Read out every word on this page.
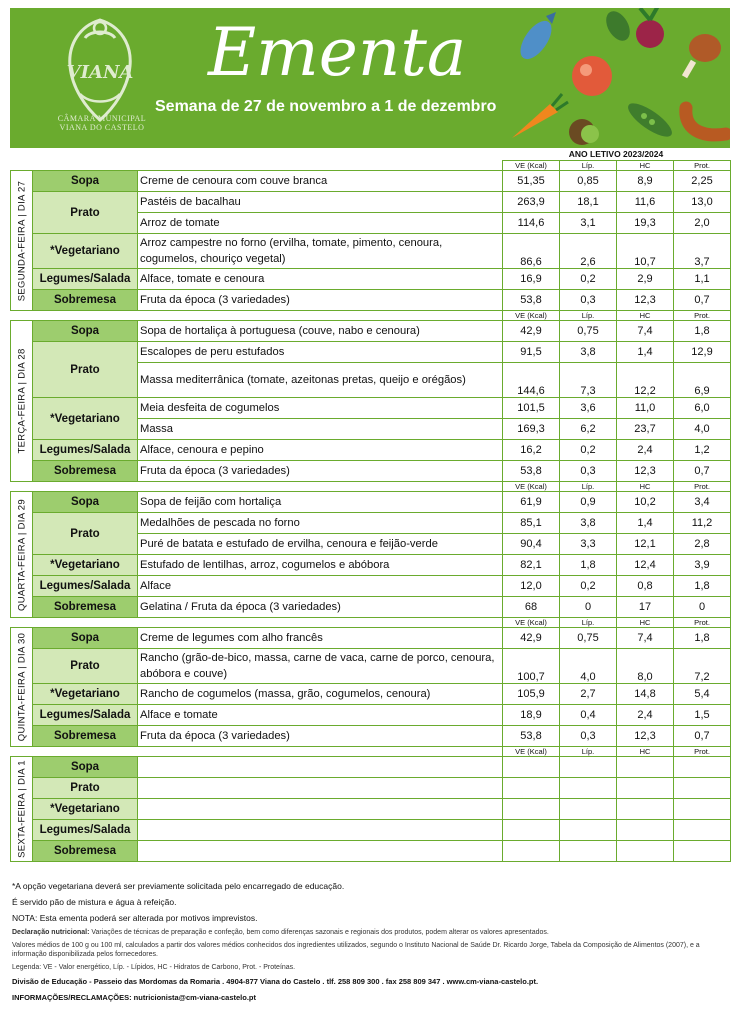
VIANA
CÂMARA MUNICIPAL
VIANA DO CASTELO
Ementa
Semana de 27 de novembro a 1 de dezembro
ANO LETIVO 2023/2024
			VE (Kcal)	Líp.	HC	Prot.

SEGUNDA-FEIRA | DIA 27	Sopa	Creme de cenoura com couve branca	51,35	0,85	8,9	2,25
	Prato	Pastéis de bacalhau	263,9	18,1	11,6	13,0
		Arroz de tomate	114,6	3,1	19,3	2,0
	*Vegetariano	Arroz campestre no forno (ervilha, tomate, pimento, cenoura, cogumelos, chouriço vegetal)	86,6	2,6	10,7	3,7
	Legumes/Salada	Alface, tomate e cenoura	16,9	0,2	2,9	1,1
	Sobremesa	Fruta da época (3 variedades)	53,8	0,3	12,3	0,7
			VE (Kcal)	Líp.	HC	Prot.

TERÇA-FEIRA | DIA 28	Sopa	Sopa de hortaliça à portuguesa (couve, nabo e cenoura)	42,9	0,75	7,4	1,8
	Prato	Escalopes de peru estufados	91,5	3,8	1,4	12,9
		Massa mediterrânica (tomate, azeitonas pretas, queijo e orégãos)	144,6	7,3	12,2	6,9
	*Vegetariano	Meia desfeita de cogumelos	101,5	3,6	11,0	6,0
		Massa	169,3	6,2	23,7	4,0
	Legumes/Salada	Alface, cenoura e pepino	16,2	0,2	2,4	1,2
	Sobremesa	Fruta da época (3 variedades)	53,8	0,3	12,3	0,7
			VE (Kcal)	Líp.	HC	Prot.

QUARTA-FEIRA | DIA 29	Sopa	Sopa de feijão com hortaliça	61,9	0,9	10,2	3,4
	Prato	Medalhões de pescada no forno	85,1	3,8	1,4	11,2
		Puré de batata e estufado de ervilha, cenoura e feijão-verde	90,4	3,3	12,1	2,8
	*Vegetariano	Estufado de lentilhas, arroz, cogumelos e abóbora	82,1	1,8	12,4	3,9
	Legumes/Salada	Alface	12,0	0,2	0,8	1,8
	Sobremesa	Gelatina / Fruta da época (3 variedades)	68	0	17	0
			VE (Kcal)	Líp.	HC	Prot.

QUINTA-FEIRA | DIA 30	Sopa	Creme de legumes com alho francês	42,9	0,75	7,4	1,8
	Prato	Rancho (grão-de-bico, massa, carne de vaca, carne de porco, cenoura, abóbora e couve)	100,7	4,0	8,0	7,2
	*Vegetariano	Rancho de cogumelos (massa, grão, cogumelos, cenoura)	105,9	2,7	14,8	5,4
	Legumes/Salada	Alface e tomate	18,9	0,4	2,4	1,5
	Sobremesa	Fruta da época (3 variedades)	53,8	0,3	12,3	0,7
			VE (Kcal)	Líp.	HC	Prot.

SEXTA-FEIRA | DIA 1	Sopa					
	Prato					
	*Vegetariano					
	Legumes/Salada					
	Sobremesa					

*A opção vegetariana deverá ser previamente solicitada pelo encarregado de educação.

É servido pão de mistura e água à refeição.

NOTA: Esta ementa poderá ser alterada por motivos imprevistos.

Declaração nutricional: Variações de técnicas de preparação e confeção, bem como diferenças sazonais e regionais dos produtos, podem alterar os valores apresentados.

Valores médios de 100 g ou 100 ml, calculados a partir dos valores médios conhecidos dos ingredientes utilizados, segundo o Instituto Nacional de Saúde Dr. Ricardo Jorge, Tabela da Composição de Alimentos (2007), e a informação disponibilizada pelos fornecedores.

Legenda: VE - Valor energético, Líp. - Lípidos, HC - Hidratos de Carbono, Prot. - Proteínas.

Divisão de Educação - Passeio das Mordomas da Romaria . 4904-877 Viana do Castelo . tlf. 258 809 300 . fax 258 809 347 . www.cm-viana-castelo.pt.

INFORMAÇÕES/RECLAMAÇÕES: nutricionista@cm-viana-castelo.pt
